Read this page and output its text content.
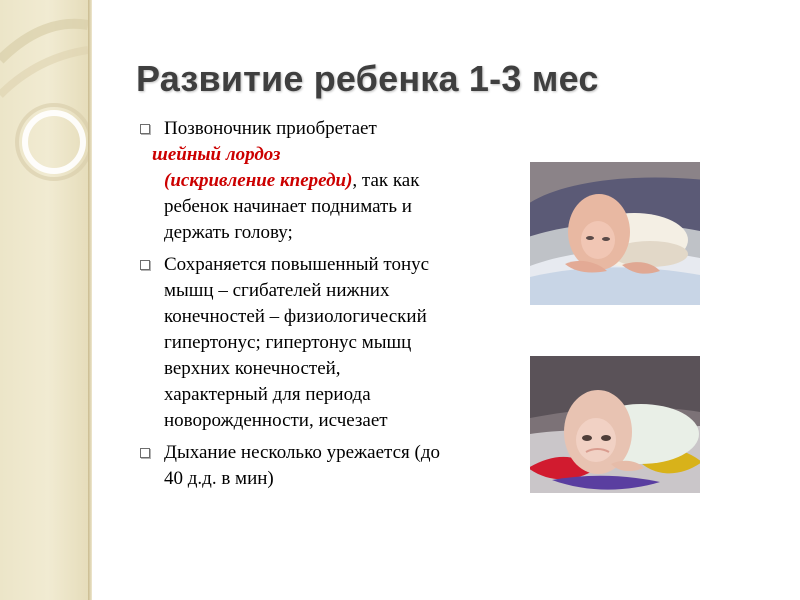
Развитие ребенка 1-3 мес
Позвоночник приобретает
шейный лордоз
(искривление кпереди), так как ребенок начинает поднимать и держать голову;
Сохраняется повышенный тонус мышц – сгибателей нижних конечностей – физиологический гипертонус; гипертонус мышц верхних конечностей, характерный для периода новорожденности, исчезает
Дыхание несколько урежается (до 40 д.д. в мин)
